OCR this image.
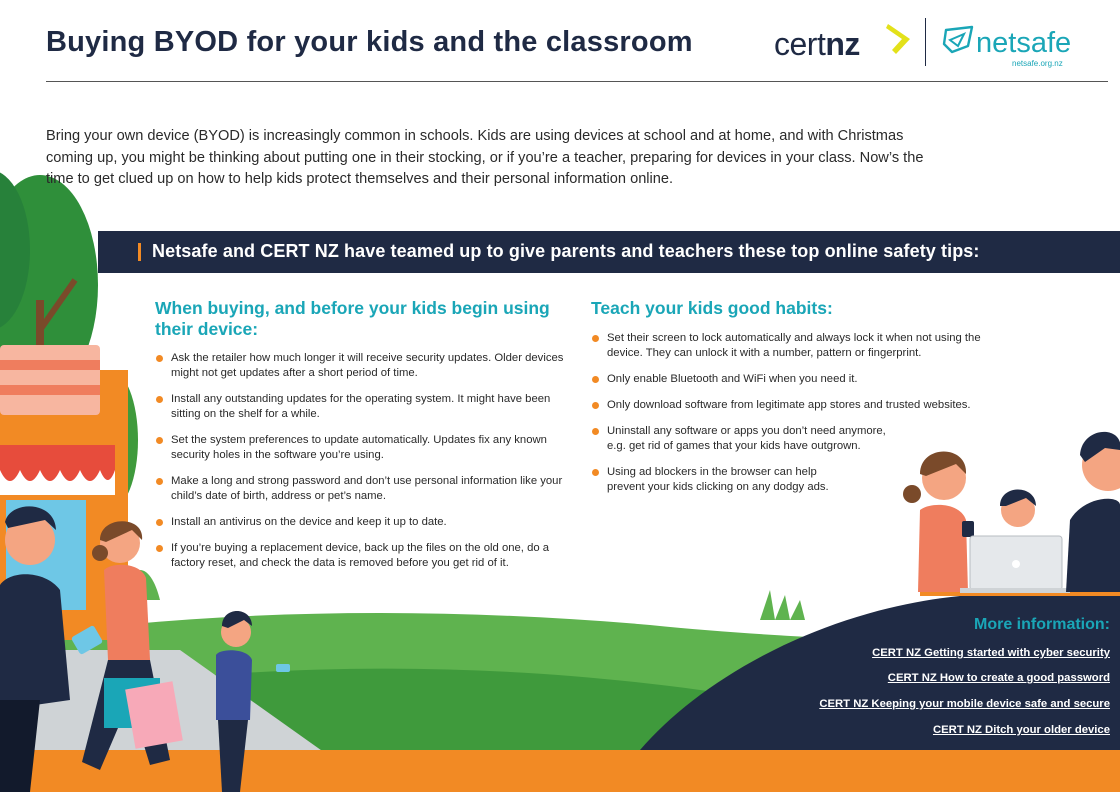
Buying BYOD for your kids and the classroom	certnz	netsafe
netsafe.org.nz

Bring your own device (BYOD) is increasingly common in schools. Kids are using devices at school and at home, and with Christmas coming up, you might be thinking about putting one in their stocking, or if you’re a teacher, preparing for devices in your class. Now’s the time to get clued up on how to help kids protect themselves and their personal information online.

Netsafe and CERT NZ have teamed up to give parents and teachers these top online safety tips:
When buying, and before your kids begin using their device:
Ask the retailer how much longer it will receive security updates. Older devices might not get updates after a short period of time.
Install any outstanding updates for the operating system. It might have been sitting on the shelf for a while.
Set the system preferences to update automatically. Updates fix any known security holes in the software you’re using.
Make a long and strong password and don’t use personal information like your child’s date of birth, address or pet’s name.
Install an antivirus on the device and keep it up to date.
If you’re buying a replacement device, back up the files on the old one, do a factory reset, and check the data is removed before you get rid of it.
Teach your kids good habits:
Set their screen to lock automatically and always lock it when not using the device. They can unlock it with a number, pattern or fingerprint.
Only enable Bluetooth and WiFi when you need it.
Only download software from legitimate app stores and trusted websites.
Uninstall any software or apps you don’t need anymore, e.g. get rid of games that your kids have outgrown.
Using ad blockers in the browser can help prevent your kids clicking on any dodgy ads.
More information:
CERT NZ Getting started with cyber security
CERT NZ How to create a good password
CERT NZ Keeping your mobile device safe and secure
CERT NZ Ditch your older device
